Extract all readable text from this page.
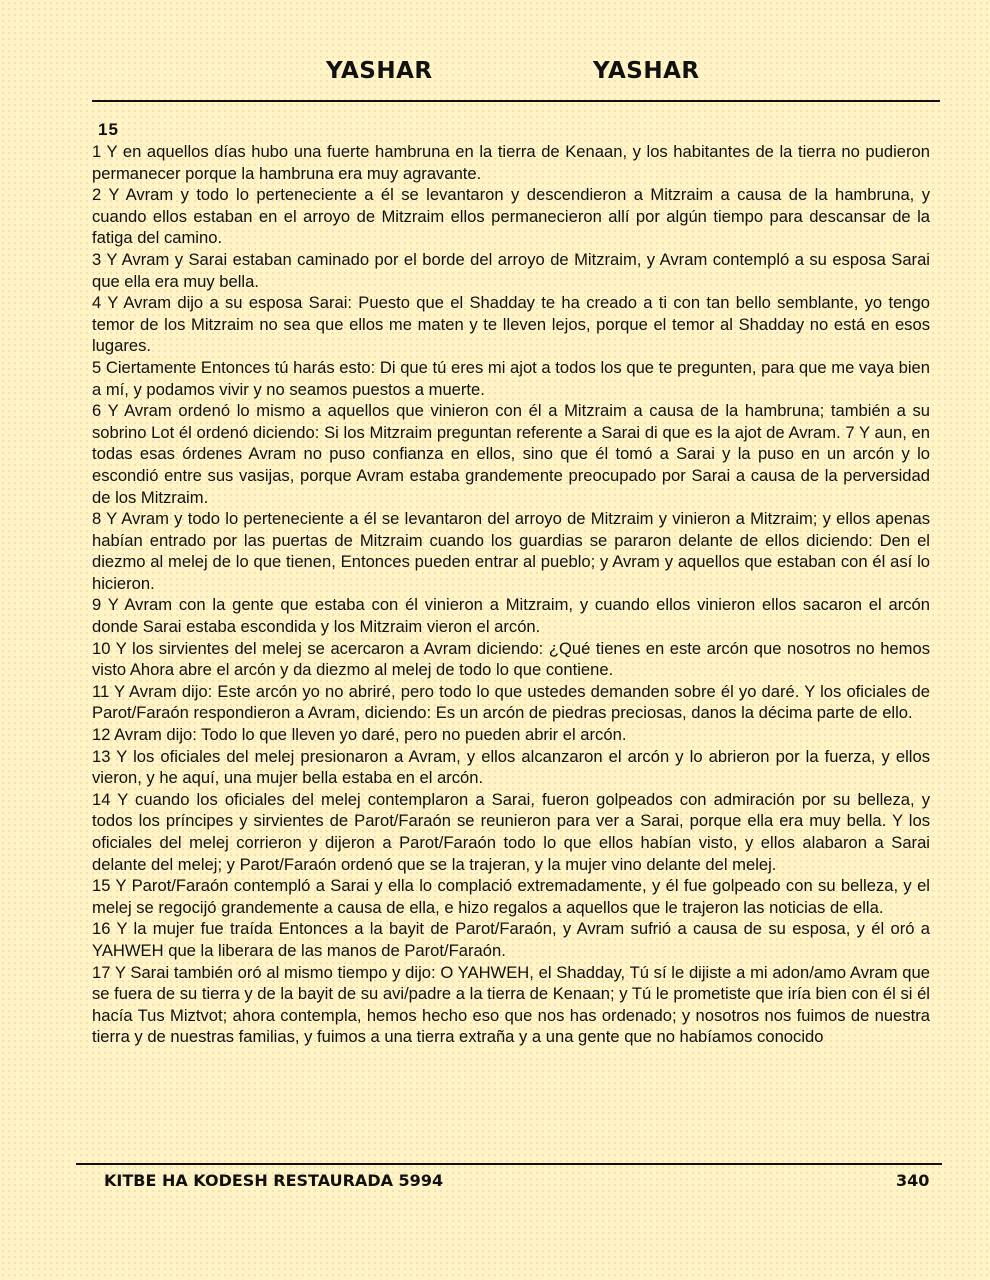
YASHAR	YASHAR
15

1 Y en aquellos días hubo una fuerte hambruna en la tierra de Kenaan, y los habitantes de la tierra no pudieron permanecer porque la hambruna era muy agravante.

2 Y Avram y todo lo perteneciente a él se levantaron y descendieron a Mitzraim a causa de la hambruna, y cuando ellos estaban en el arroyo de Mitzraim ellos permanecieron allí por algún tiempo para descansar de la fatiga del camino.

3 Y Avram y Sarai estaban caminado por el borde del arroyo de Mitzraim, y Avram contempló a su esposa Sarai que ella era muy bella.

4 Y Avram dijo a su esposa Sarai: Puesto que el Shadday te ha creado a ti con tan bello semblante, yo tengo temor de los Mitzraim no sea que ellos me maten y te lleven lejos, porque el temor al Shadday no está en esos lugares.

5 Ciertamente Entonces tú harás esto: Di que tú eres mi ajot a todos los que te pregunten, para que me vaya bien a mí, y podamos vivir y no seamos puestos a muerte.

6 Y Avram ordenó lo mismo a aquellos que vinieron con él a Mitzraim a causa de la hambruna; también a su sobrino Lot él ordenó diciendo: Si los Mitzraim preguntan referente a Sarai di que es la ajot de Avram. 7 Y aun, en todas esas órdenes Avram no puso confianza en ellos, sino que él tomó a Sarai y la puso en un arcón y lo escondió entre sus vasijas, porque Avram estaba grandemente preocupado por Sarai a causa de la perversidad de los Mitzraim.

8 Y Avram y todo lo perteneciente a él se levantaron del arroyo de Mitzraim y vinieron a Mitzraim; y ellos apenas habían entrado por las puertas de Mitzraim cuando los guardias se pararon delante de ellos diciendo: Den el diezmo al melej de lo que tienen, Entonces pueden entrar al pueblo; y Avram y aquellos que estaban con él así lo hicieron.

9 Y Avram con la gente que estaba con él vinieron a Mitzraim, y cuando ellos vinieron ellos sacaron el arcón donde Sarai estaba escondida y los Mitzraim vieron el arcón.

10 Y los sirvientes del melej se acercaron a Avram diciendo: ¿Qué tienes en este arcón que nosotros no hemos visto Ahora abre el arcón y da diezmo al melej de todo lo que contiene.

11 Y Avram dijo: Este arcón yo no abriré, pero todo lo que ustedes demanden sobre él yo daré. Y los oficiales de Parot/Faraón respondieron a Avram, diciendo: Es un arcón de piedras preciosas, danos la décima parte de ello.

12 Avram dijo: Todo lo que lleven yo daré, pero no pueden abrir el arcón.

13 Y los oficiales del melej presionaron a Avram, y ellos alcanzaron el arcón y lo abrieron por la fuerza, y ellos vieron, y he aquí, una mujer bella estaba en el arcón.

14 Y cuando los oficiales del melej contemplaron a Sarai, fueron golpeados con admiración por su belleza, y todos los príncipes y sirvientes de Parot/Faraón se reunieron para ver a Sarai, porque ella era muy bella. Y los oficiales del melej corrieron y dijeron a Parot/Faraón todo lo que ellos habían visto, y ellos alabaron a Sarai delante del melej; y Parot/Faraón ordenó que se la trajeran, y la mujer vino delante del melej.

15 Y Parot/Faraón contempló a Sarai y ella lo complació extremadamente, y él fue golpeado con su belleza, y el melej se regocijó grandemente a causa de ella, e hizo regalos a aquellos que le trajeron las noticias de ella.

16 Y la mujer fue traída Entonces a la bayit de Parot/Faraón, y Avram sufrió a causa de su esposa, y él oró a YAHWEH que la liberara de las manos de Parot/Faraón.

17 Y Sarai también oró al mismo tiempo y dijo: O YAHWEH, el Shadday, Tú sí le dijiste a mi adon/amo Avram que se fuera de su tierra y de la bayit de su avi/padre a la tierra de Kenaan; y Tú le prometiste que iría bien con él si él hacía Tus Miztvot; ahora contempla, hemos hecho eso que nos has ordenado; y nosotros nos fuimos de nuestra tierra y de nuestras familias, y fuimos a una tierra extraña y a una gente que no habíamos conocido

KITBE HA KODESH RESTAURADA 5994	340
